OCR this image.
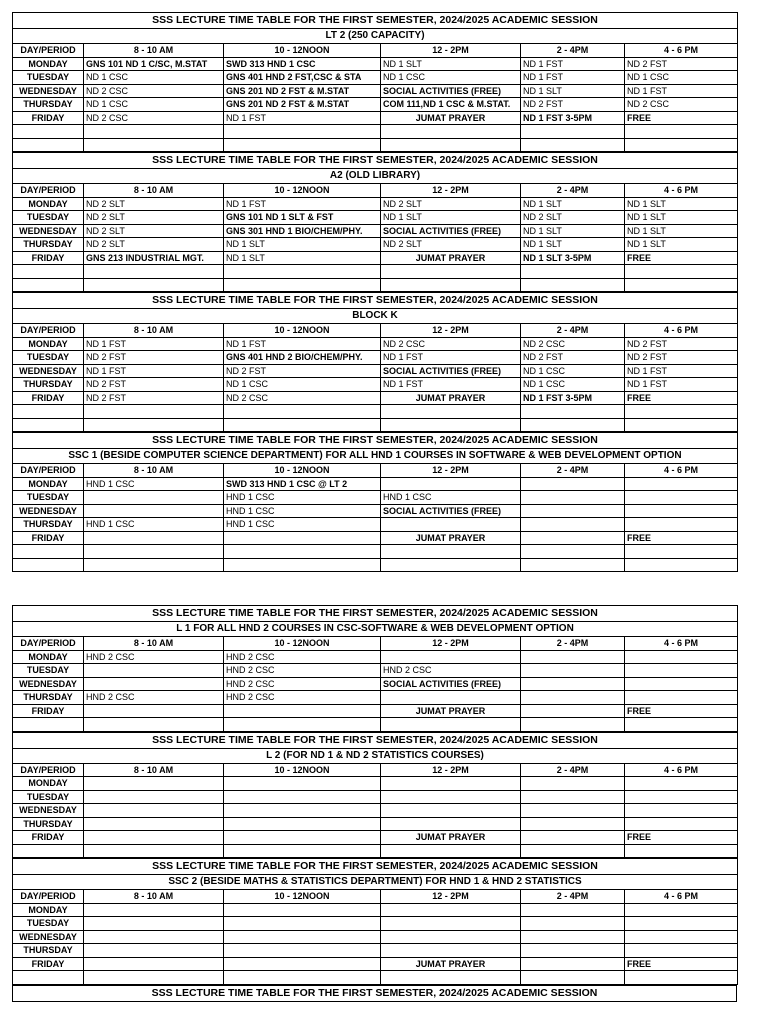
SSS LECTURE TIME TABLE FOR THE FIRST SEMESTER, 2024/2025 ACADEMIC SESSION					
LT 2 (250 CAPACITY)					
DAY/PERIOD	8 - 10 AM	10 - 12NOON	12 - 2PM	2 - 4PM	4 - 6 PM
MONDAY	GNS 101 ND 1 C/SC, M.STAT	SWD 313 HND 1 CSC	ND 1 SLT	ND 1 FST	ND 2 FST
TUESDAY	ND 1 CSC	GNS 401 HND 2 FST,CSC & STA	ND 1 CSC	ND 1 FST	ND 1 CSC
WEDNESDAY	ND 2 CSC	GNS 201 ND 2 FST & M.STAT	SOCIAL ACTIVITIES (FREE)	ND 1 SLT	ND 1 FST
THURSDAY	ND 1 CSC	GNS 201 ND 2 FST & M.STAT	COM 111,ND 1 CSC & M.STAT.	ND 2 FST	ND 2 CSC
FRIDAY	ND 2 CSC	ND 1 FST	JUMAT PRAYER	ND 1 FST 3-5PM	FREE

SSS LECTURE TIME TABLE FOR THE FIRST SEMESTER, 2024/2025 ACADEMIC SESSION					
A2 (OLD LIBRARY)					
DAY/PERIOD	8 - 10 AM	10 - 12NOON	12 - 2PM	2 - 4PM	4 - 6 PM
MONDAY	ND 2 SLT	ND 1 FST	ND 2 SLT	ND 1 SLT	ND 1 SLT
TUESDAY	ND 2 SLT	GNS 101 ND 1 SLT & FST	ND 1 SLT	ND 2 SLT	ND 1 SLT
WEDNESDAY	ND 2 SLT	GNS 301 HND 1 BIO/CHEM/PHY.	SOCIAL ACTIVITIES (FREE)	ND 1 SLT	ND 1 SLT
THURSDAY	ND 2 SLT	ND 1 SLT	ND 2 SLT	ND 1 SLT	ND 1 SLT
FRIDAY	GNS 213 INDUSTRIAL MGT.	ND 1 SLT	JUMAT PRAYER	ND 1 SLT 3-5PM	FREE

SSS LECTURE TIME TABLE FOR THE FIRST SEMESTER, 2024/2025 ACADEMIC SESSION					
BLOCK K					
DAY/PERIOD	8 - 10 AM	10 - 12NOON	12 - 2PM	2 - 4PM	4 - 6 PM
MONDAY	ND 1 FST	ND 1 FST	ND 2 CSC	ND 2 CSC	ND 2 FST
TUESDAY	ND 2 FST	GNS 401 HND 2 BIO/CHEM/PHY.	ND 1 FST	ND 2 FST	ND 2 FST
WEDNESDAY	ND 1 FST	ND 2 FST	SOCIAL ACTIVITIES (FREE)	ND 1 CSC	ND 1 FST
THURSDAY	ND 2 FST	ND 1 CSC	ND 1 FST	ND 1 CSC	ND 1 FST
FRIDAY	ND 2 FST	ND 2 CSC	JUMAT PRAYER	ND 1 FST 3-5PM	FREE

SSS LECTURE TIME TABLE FOR THE FIRST SEMESTER, 2024/2025 ACADEMIC SESSION					
SSC 1 (BESIDE COMPUTER SCIENCE DEPARTMENT) FOR ALL HND 1 COURSES IN SOFTWARE & WEB DEVELOPMENT OPTION					
DAY/PERIOD	8 - 10 AM	10 - 12NOON	12 - 2PM	2 - 4PM	4 - 6 PM
MONDAY	HND 1 CSC	SWD 313 HND 1 CSC @ LT 2			
TUESDAY		HND 1 CSC	HND 1 CSC		
WEDNESDAY		HND 1 CSC	SOCIAL ACTIVITIES (FREE)		
THURSDAY	HND 1 CSC	HND 1 CSC			
FRIDAY			JUMAT PRAYER		FREE

SSS LECTURE TIME TABLE FOR THE FIRST SEMESTER, 2024/2025 ACADEMIC SESSION					
L 1 FOR ALL HND 2 COURSES IN CSC-SOFTWARE & WEB DEVELOPMENT OPTION					
DAY/PERIOD	8 - 10 AM	10 - 12NOON	12 - 2PM	2 - 4PM	4 - 6 PM
MONDAY	HND 2 CSC	HND 2 CSC			
TUESDAY		HND 2 CSC	HND 2 CSC		
WEDNESDAY		HND 2 CSC	SOCIAL ACTIVITIES (FREE)		
THURSDAY	HND 2 CSC	HND 2 CSC			
FRIDAY			JUMAT PRAYER		FREE

SSS LECTURE TIME TABLE FOR THE FIRST SEMESTER, 2024/2025 ACADEMIC SESSION					
L 2 (FOR ND 1 & ND 2 STATISTICS COURSES)					
DAY/PERIOD	8 - 10 AM	10 - 12NOON	12 - 2PM	2 - 4PM	4 - 6 PM
MONDAY					
TUESDAY					
WEDNESDAY					
THURSDAY					
FRIDAY			JUMAT PRAYER		FREE

SSS LECTURE TIME TABLE FOR THE FIRST SEMESTER, 2024/2025 ACADEMIC SESSION					
SSC 2 (BESIDE MATHS & STATISTICS DEPARTMENT) FOR HND 1 & HND 2 STATISTICS					
DAY/PERIOD	8 - 10 AM	10 - 12NOON	12 - 2PM	2 - 4PM	4 - 6 PM
MONDAY					
TUESDAY					
WEDNESDAY					
THURSDAY					
FRIDAY			JUMAT PRAYER		FREE

SSS LECTURE TIME TABLE FOR THE FIRST SEMESTER, 2024/2025 ACADEMIC SESSION
